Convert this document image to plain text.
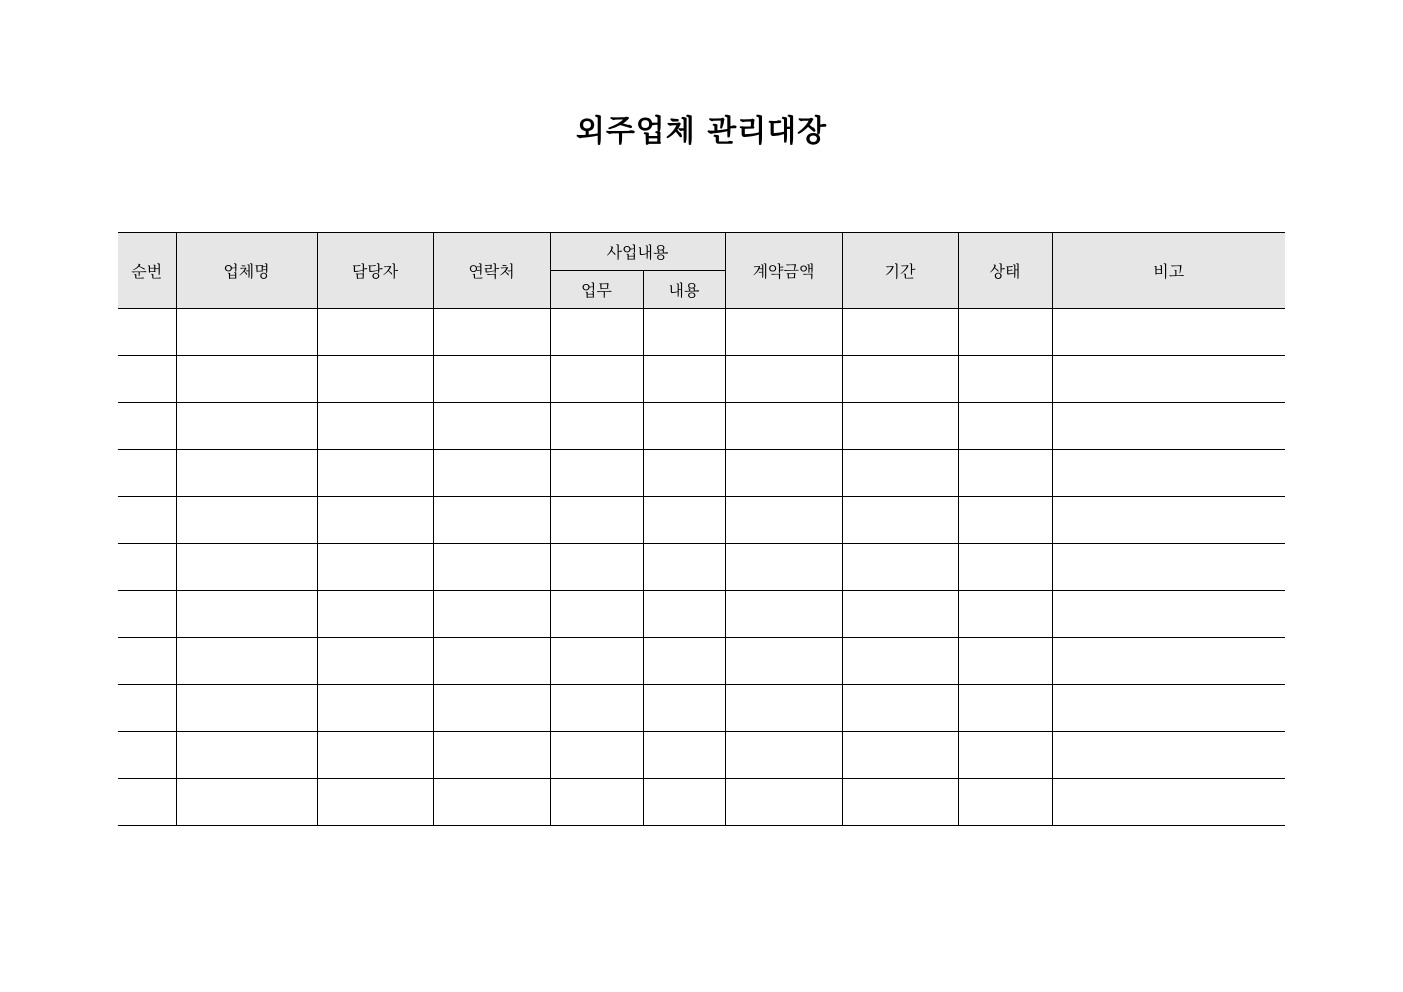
외주업체 관리대장
순번	업체명	담당자	연락처	사업내용		계약금액	기간	상태	비고
				업무	내용				
